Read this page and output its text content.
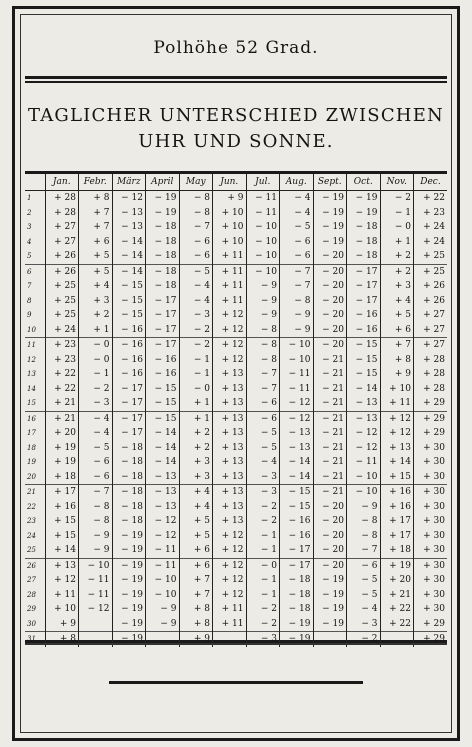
Polhöhe 52 Grad.
TAGLICHER UNTERSCHIED ZWISCHEN
UHR UND SONNE.
	Jan.	Febr.	März	April	May	Jun.	Jul.	Aug.	Sept.	Oct.	Nov.	Dec.
1	+ 28	+ 8	− 12	− 19	− 8	+ 9	− 11	− 4	− 19	− 19	− 2	+ 22
2	+ 28	+ 7	− 13	− 19	− 8	+ 10	− 11	− 4	− 19	− 19	− 1	+ 23
3	+ 27	+ 7	− 13	− 18	− 7	+ 10	− 10	− 5	− 19	− 18	− 0	+ 24
4	+ 27	+ 6	− 14	− 18	− 6	+ 10	− 10	− 6	− 19	− 18	+ 1	+ 24
5	+ 26	+ 5	− 14	− 18	− 6	+ 11	− 10	− 6	− 20	− 18	+ 2	+ 25
6	+ 26	+ 5	− 14	− 18	− 5	+ 11	− 10	− 7	− 20	− 17	+ 2	+ 25
7	+ 25	+ 4	− 15	− 18	− 4	+ 11	− 9	− 7	− 20	− 17	+ 3	+ 26
8	+ 25	+ 3	− 15	− 17	− 4	+ 11	− 9	− 8	− 20	− 17	+ 4	+ 26
9	+ 25	+ 2	− 15	− 17	− 3	+ 12	− 9	− 9	− 20	− 16	+ 5	+ 27
10	+ 24	+ 1	− 16	− 17	− 2	+ 12	− 8	− 9	− 20	− 16	+ 6	+ 27
11	+ 23	− 0	− 16	− 17	− 2	+ 12	− 8	− 10	− 20	− 15	+ 7	+ 27
12	+ 23	− 0	− 16	− 16	− 1	+ 12	− 8	− 10	− 21	− 15	+ 8	+ 28
13	+ 22	− 1	− 16	− 16	− 1	+ 13	− 7	− 11	− 21	− 15	+ 9	+ 28
14	+ 22	− 2	− 17	− 15	− 0	+ 13	− 7	− 11	− 21	− 14	+ 10	+ 28
15	+ 21	− 3	− 17	− 15	+ 1	+ 13	− 6	− 12	− 21	− 13	+ 11	+ 29
16	+ 21	− 4	− 17	− 15	+ 1	+ 13	− 6	− 12	− 21	− 13	+ 12	+ 29
17	+ 20	− 4	− 17	− 14	+ 2	+ 13	− 5	− 13	− 21	− 12	+ 12	+ 29
18	+ 19	− 5	− 18	− 14	+ 2	+ 13	− 5	− 13	− 21	− 12	+ 13	+ 30
19	+ 19	− 6	− 18	− 14	+ 3	+ 13	− 4	− 14	− 21	− 11	+ 14	+ 30
20	+ 18	− 6	− 18	− 13	+ 3	+ 13	− 3	− 14	− 21	− 10	+ 15	+ 30
21	+ 17	− 7	− 18	− 13	+ 4	+ 13	− 3	− 15	− 21	− 10	+ 16	+ 30
22	+ 16	− 8	− 18	− 13	+ 4	+ 13	− 2	− 15	− 20	− 9	+ 16	+ 30
23	+ 15	− 8	− 18	− 12	+ 5	+ 13	− 2	− 16	− 20	− 8	+ 17	+ 30
24	+ 15	− 9	− 19	− 12	+ 5	+ 12	− 1	− 16	− 20	− 8	+ 17	+ 30
25	+ 14	− 9	− 19	− 11	+ 6	+ 12	− 1	− 17	− 20	− 7	+ 18	+ 30
26	+ 13	− 10	− 19	− 11	+ 6	+ 12	− 0	− 17	− 20	− 6	+ 19	+ 30
27	+ 12	− 11	− 19	− 10	+ 7	+ 12	− 1	− 18	− 19	− 5	+ 20	+ 30
28	+ 11	− 11	− 19	− 10	+ 7	+ 12	− 1	− 18	− 19	− 5	+ 21	+ 30
29	+ 10	− 12	− 19	− 9	+ 8	+ 11	− 2	− 18	− 19	− 4	+ 22	+ 30
30	+ 9		− 19	− 9	+ 8	+ 11	− 2	− 19	− 19	− 3	+ 22	+ 29
31	+ 8		− 19		+ 9		− 3	− 19		− 2		+ 29
